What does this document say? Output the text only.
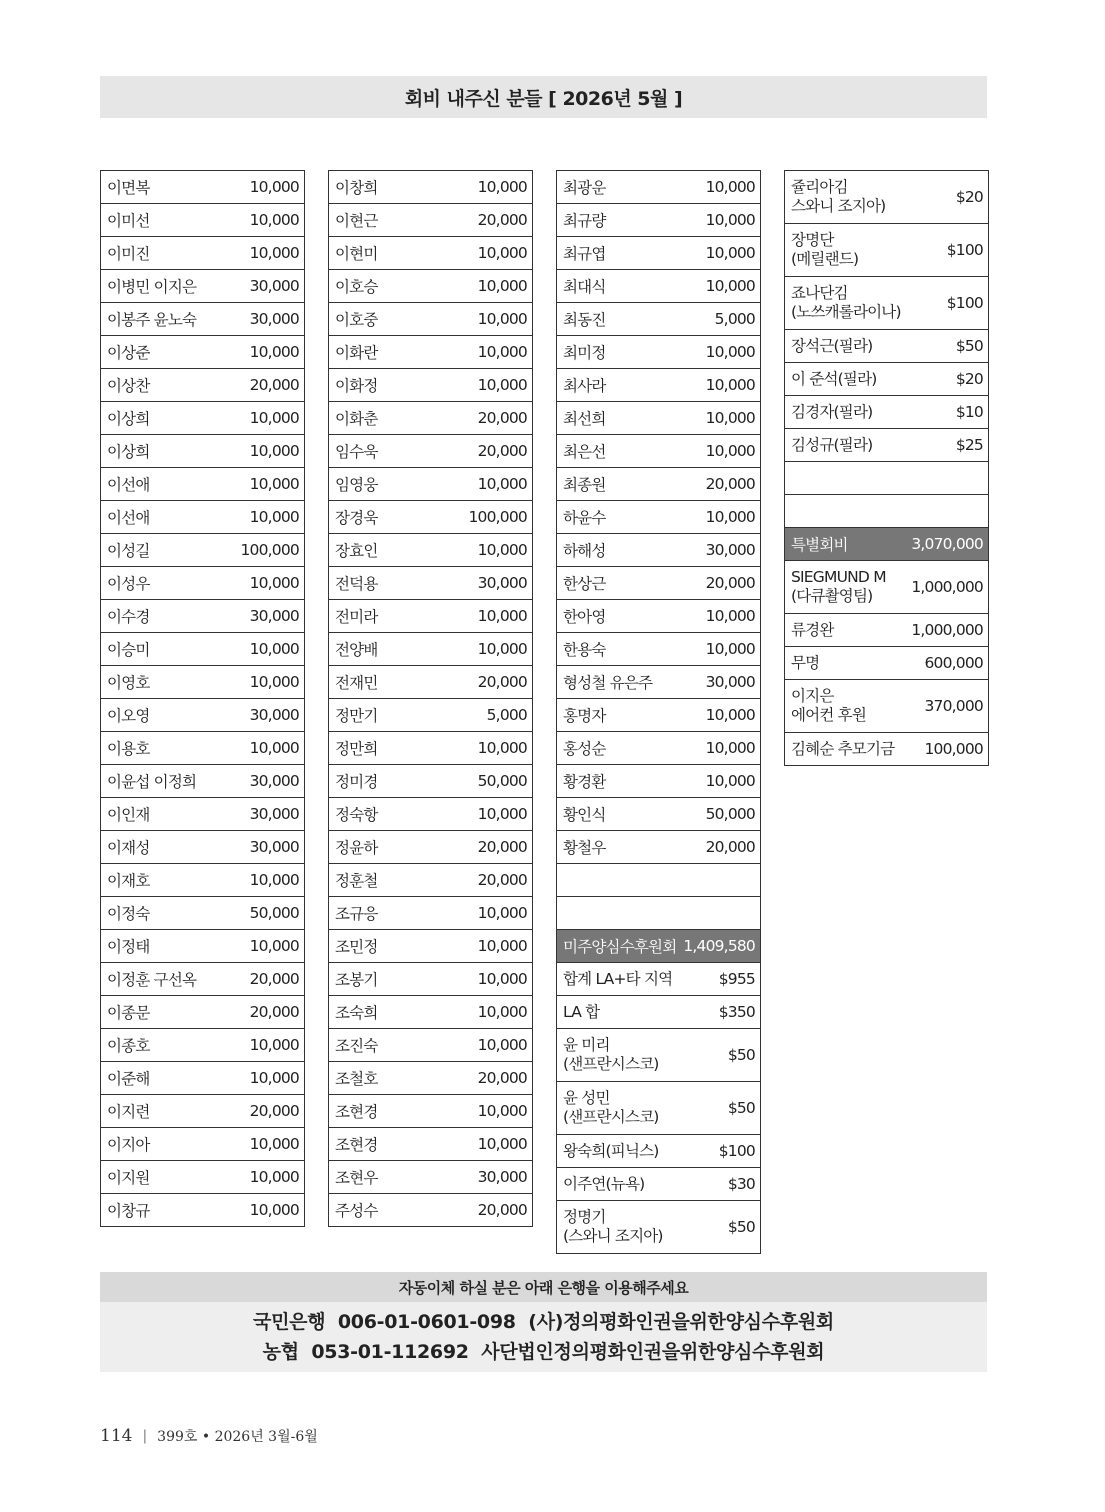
회비 내주신 분들 [ 2026년 5월 ]
이면복	10,000
이미선	10,000
이미진	10,000
이병민 이지은	30,000
이봉주 윤노숙	30,000
이상준	10,000
이상찬	20,000
이상희	10,000
이상희	10,000
이선애	10,000
이선애	10,000
이성길	100,000
이성우	10,000
이수경	30,000
이승미	10,000
이영호	10,000
이오영	30,000
이용호	10,000
이윤섭 이정희	30,000
이인재	30,000
이재성	30,000
이재호	10,000
이정숙	50,000
이정태	10,000
이정훈 구선옥	20,000
이종문	20,000
이종호	10,000
이준해	10,000
이지련	20,000
이지아	10,000
이지원	10,000
이창규	10,000
이창희	10,000
이현근	20,000
이현미	10,000
이호승	10,000
이호중	10,000
이화란	10,000
이화정	10,000
이화춘	20,000
임수욱	20,000
임영웅	10,000
장경욱	100,000
장효인	10,000
전덕용	30,000
전미라	10,000
전양배	10,000
전재민	20,000
정만기	5,000
정만희	10,000
정미경	50,000
정숙항	10,000
정윤하	20,000
정훈철	20,000
조규응	10,000
조민정	10,000
조봉기	10,000
조숙희	10,000
조진숙	10,000
조철호	20,000
조현경	10,000
조현경	10,000
조현우	30,000
주성수	20,000
최광운	10,000
최규량	10,000
최규엽	10,000
최대식	10,000
최동진	5,000
최미정	10,000
최사라	10,000
최선희	10,000
최은선	10,000
최종원	20,000
하윤수	10,000
하해성	30,000
한상근	20,000
한아영	10,000
한용숙	10,000
형성철 유은주	30,000
홍명자	10,000
홍성순	10,000
황경환	10,000
황인식	50,000
황철우	20,000
미주양심수후원회 1,409,580
합계 LA+타 지역	$955
LA 합	$350
윤 미리
(샌프란시스코)	$50
윤 성민
(샌프란시스코)	$50
왕숙희(피닉스)	$100
이주연(뉴욕)	$30
정명기
(스와니 조지아)	$50
쥴리아김
스와니 조지아)	$20
장명단
(메릴랜드)	$100
죠나단김
(노쓰캐롤라이나)	$100
장석근(필라)	$50
이 준석(필라)	$20
김경자(필라)	$10
김성규(필라)	$25
특별회비	3,070,000
SIEGMUND M
(다큐촬영팀)	1,000,000
류경완	1,000,000
무명	600,000
이지은
에어컨 후원	370,000
김혜순 추모기금 100,000
자동이체 하실 분은 아래 은행을 이용해주세요
국민은행  006-01-0601-098  (사)정의평화인권을위한양심수후원회
농협  053-01-112692  사단법인정의평화인권을위한양심수후원회
114 | 399호 • 2026년 3월-6월
